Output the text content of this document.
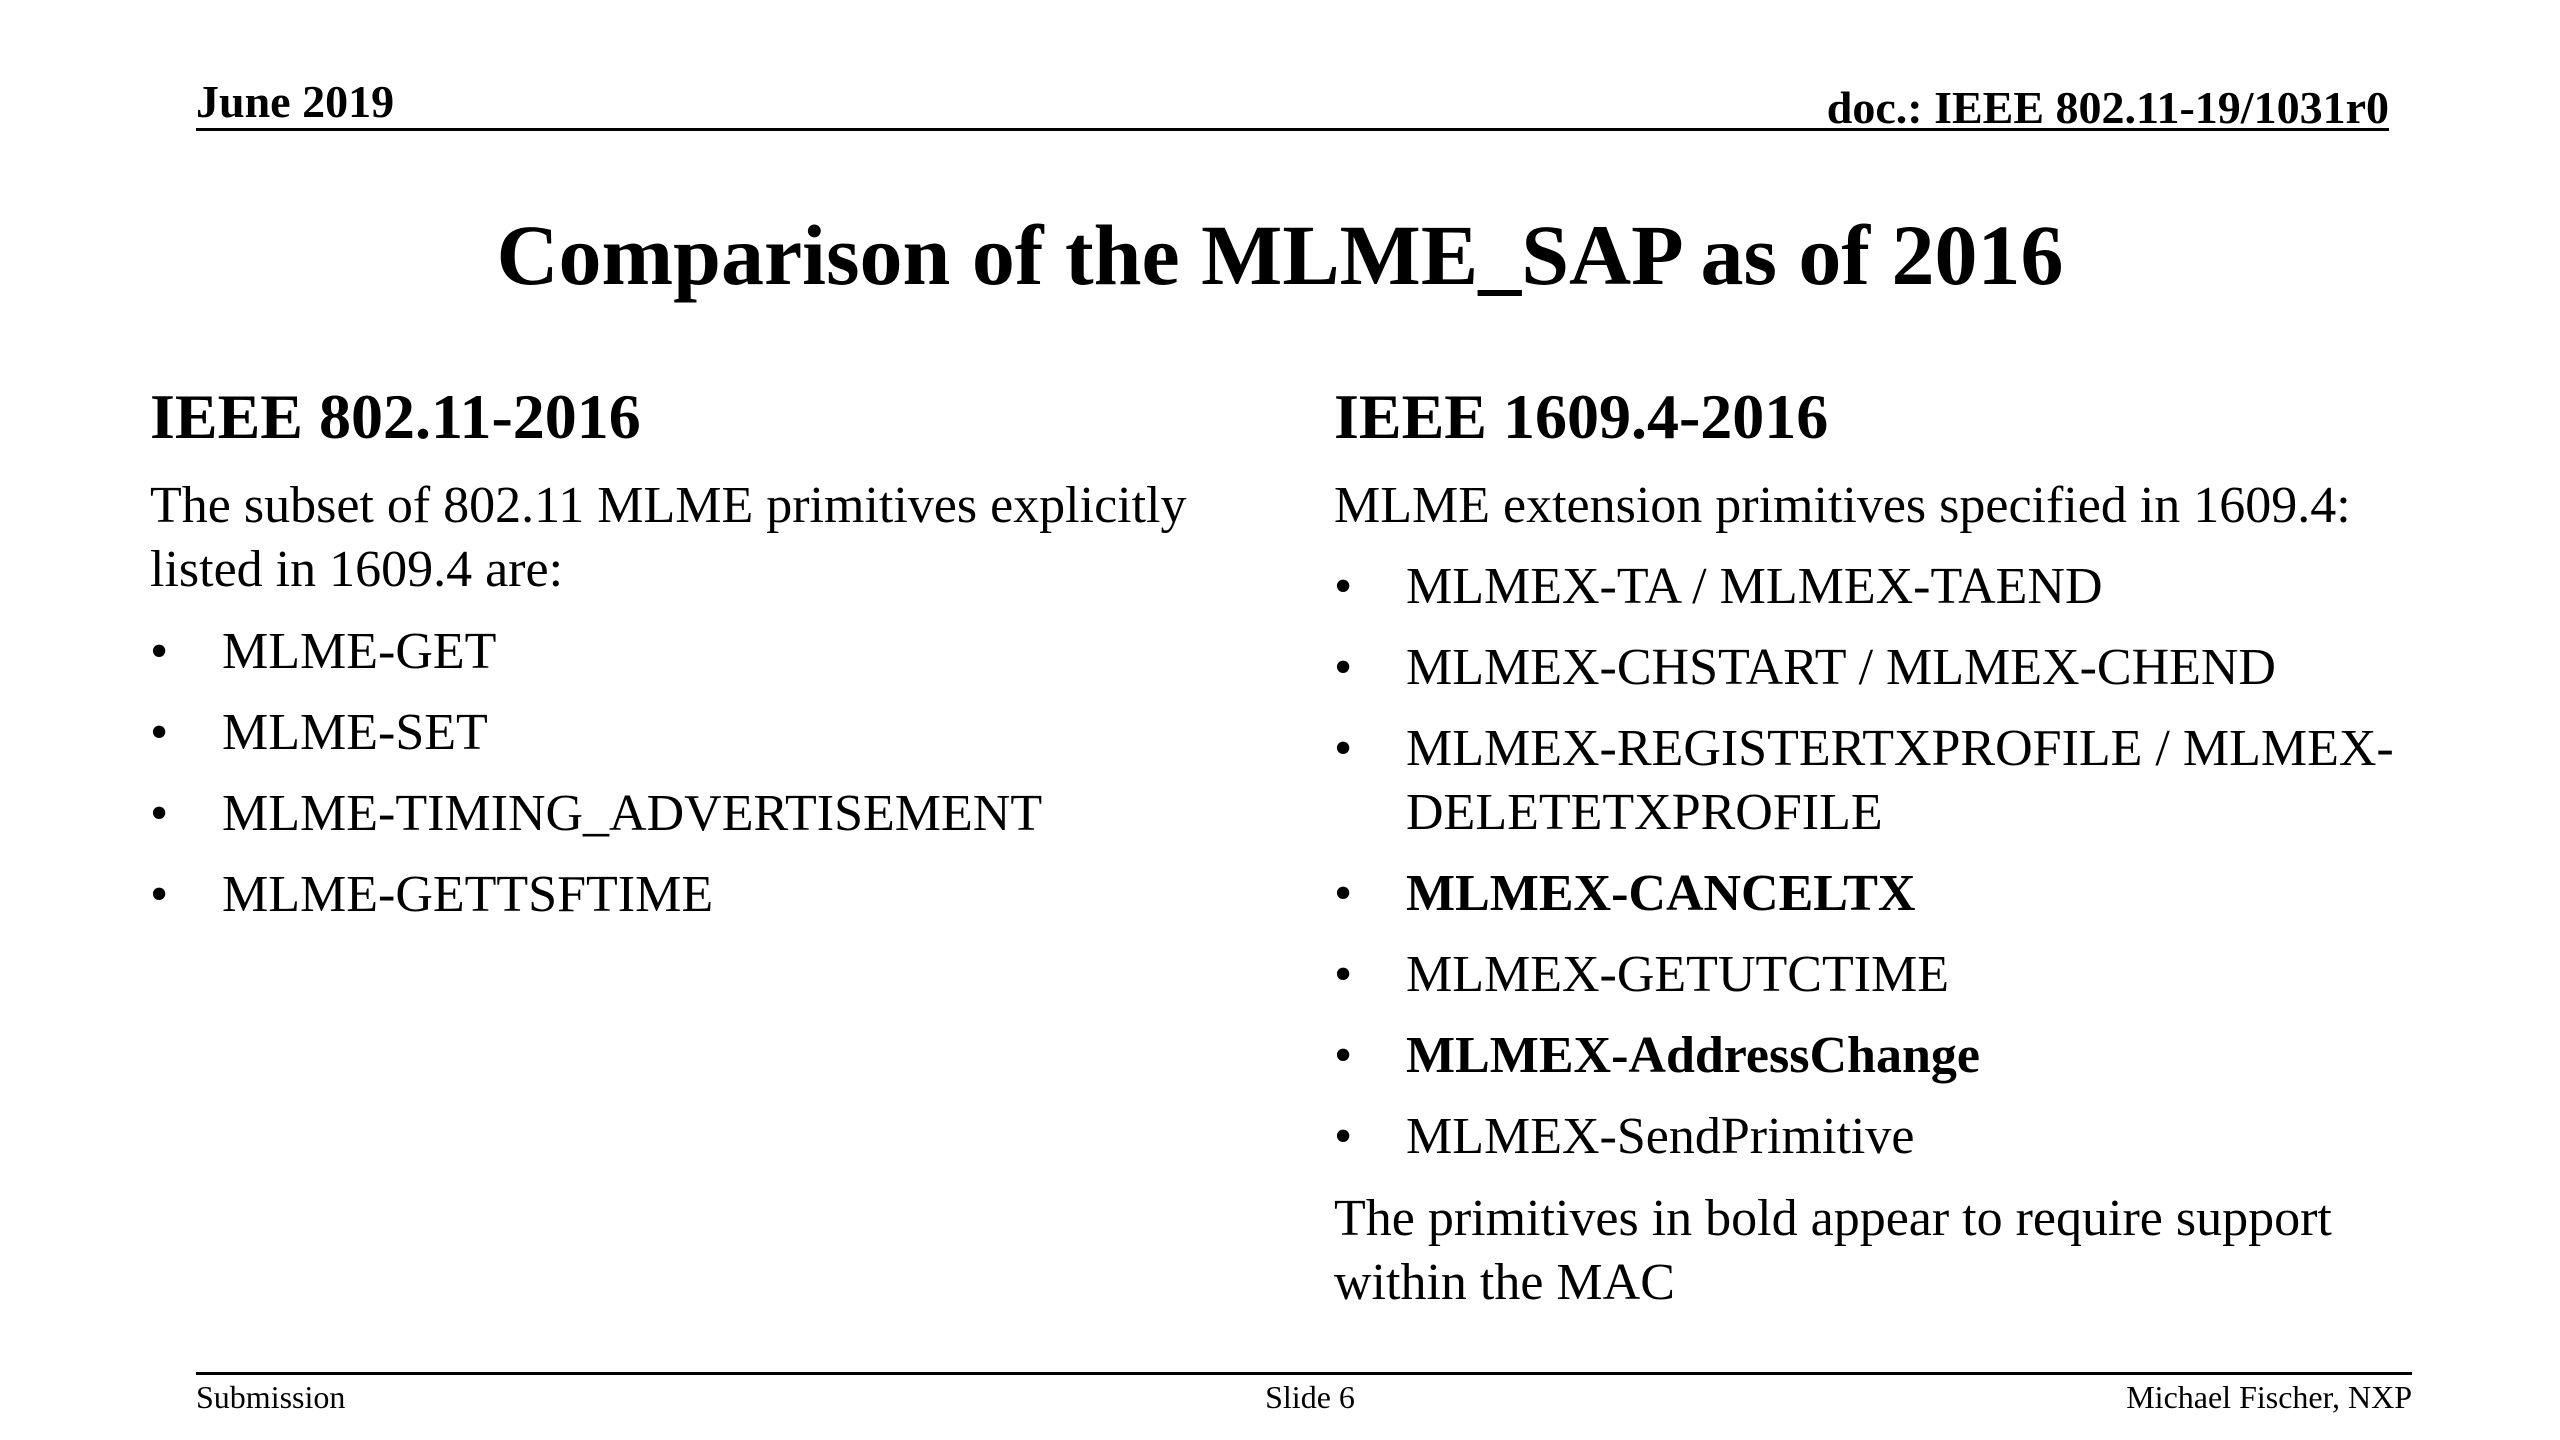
June 2019	doc.: IEEE 802.11-19/1031r0
Comparison of the MLME_SAP as of 2016
IEEE 802.11-2016
The subset of 802.11 MLME primitives explicitly listed in 1609.4 are:
•	MLME-GET
•	MLME-SET
•	MLME-TIMING_ADVERTISEMENT
•	MLME-GETTSFTIME
IEEE 1609.4-2016
MLME extension primitives specified in 1609.4:
•	MLMEX-TA / MLMEX-TAEND
•	MLMEX-CHSTART / MLMEX-CHEND
•	MLMEX-REGISTERTXPROFILE / MLMEX-DELETETXPROFILE
•	MLMEX-CANCELTX
•	MLMEX-GETUTCTIME
•	MLMEX-AddressChange
•	MLMEX-SendPrimitive
The primitives in bold appear to require support within the MAC
Submission	Slide 6	Michael Fischer, NXP
